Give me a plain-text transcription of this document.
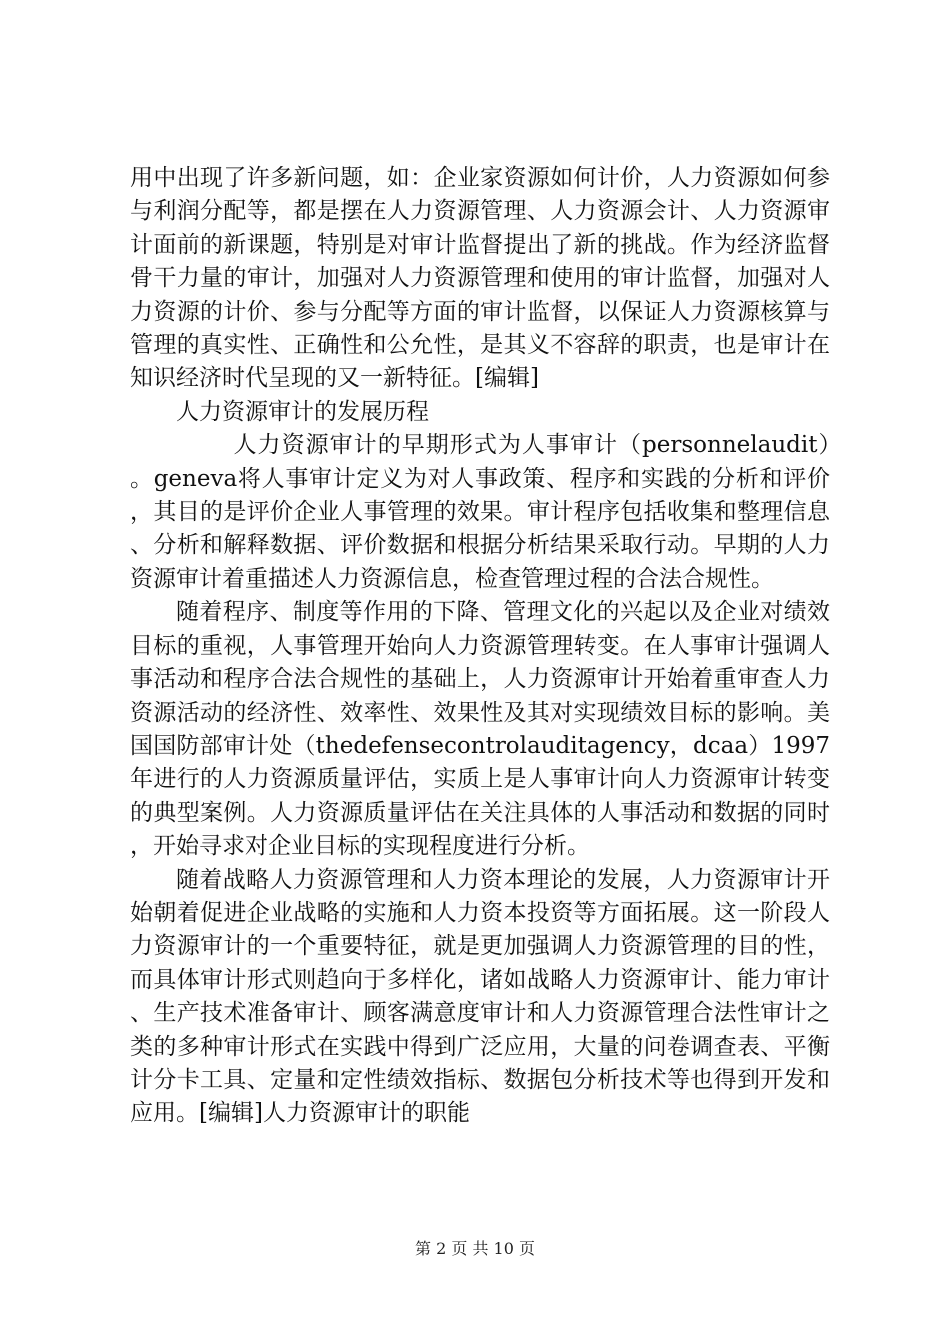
用中出现了许多新问题，如：企业家资源如何计价，人力资源如何参与利润分配等，都是摆在人力资源管理、人力资源会计、人力资源审计面前的新课题，特别是对审计监督提出了新的挑战。作为经济监督骨干力量的审计，加强对人力资源管理和使用的审计监督，加强对人力资源的计价、参与分配等方面的审计监督，以保证人力资源核算与管理的真实性、正确性和公允性，是其义不容辞的职责，也是审计在知识经济时代呈现的又一新特征。[编辑]

人力资源审计的发展历程

人力资源审计的早期形式为人事审计（personnelaudit）。geneva将人事审计定义为对人事政策、程序和实践的分析和评价，其目的是评价企业人事管理的效果。审计程序包括收集和整理信息、分析和解释数据、评价数据和根据分析结果采取行动。早期的人力资源审计着重描述人力资源信息，检查管理过程的合法合规性。

随着程序、制度等作用的下降、管理文化的兴起以及企业对绩效目标的重视，人事管理开始向人力资源管理转变。在人事审计强调人事活动和程序合法合规性的基础上，人力资源审计开始着重审查人力资源活动的经济性、效率性、效果性及其对实现绩效目标的影响。美国国防部审计处（thedefensecontrolauditagency，dcaa）1997年进行的人力资源质量评估，实质上是人事审计向人力资源审计转变的典型案例。人力资源质量评估在关注具体的人事活动和数据的同时，开始寻求对企业目标的实现程度进行分析。

随着战略人力资源管理和人力资本理论的发展，人力资源审计开始朝着促进企业战略的实施和人力资本投资等方面拓展。这一阶段人力资源审计的一个重要特征，就是更加强调人力资源管理的目的性，而具体审计形式则趋向于多样化，诸如战略人力资源审计、能力审计、生产技术准备审计、顾客满意度审计和人力资源管理合法性审计之类的多种审计形式在实践中得到广泛应用，大量的问卷调查表、平衡计分卡工具、定量和定性绩效指标、数据包分析技术等也得到开发和应用。[编辑]人力资源审计的职能

第 2 页 共 10 页
